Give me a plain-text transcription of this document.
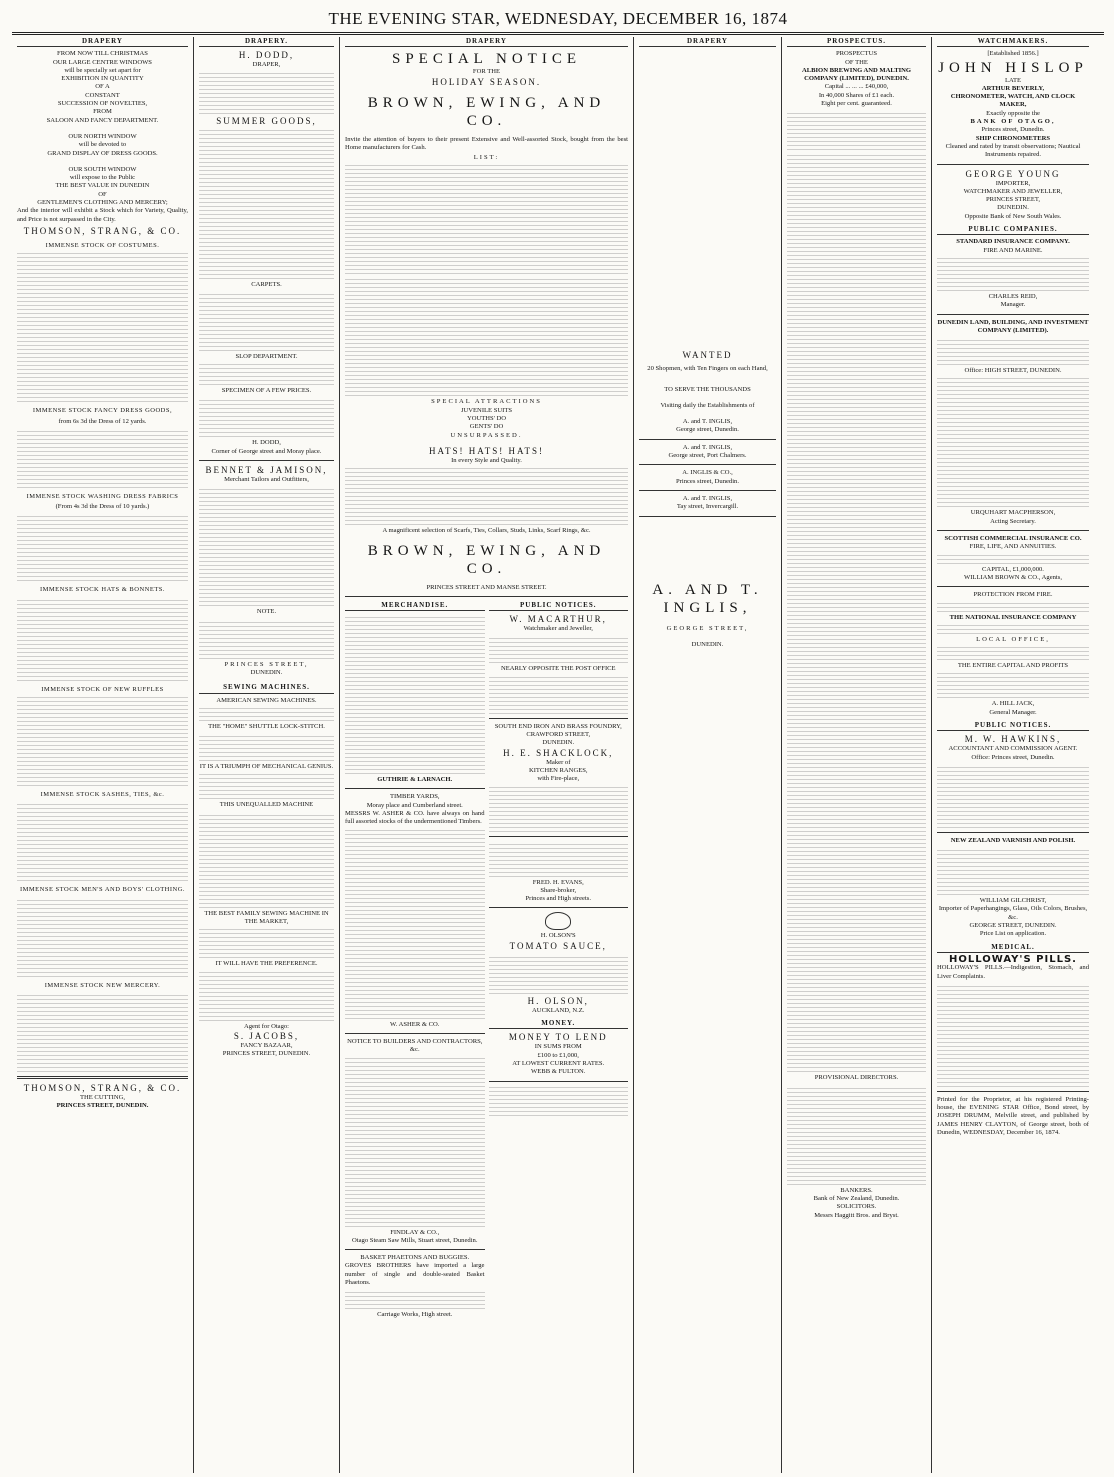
THE EVENING STAR, WEDNESDAY, DECEMBER 16, 1874
DRAPERY
FROM NOW TILL CHRISTMAS
OUR LARGE CENTRE WINDOWS
will be specially set apart for
EXHIBITION IN QUANTITY
OF A
CONSTANT
SUCCESSION OF NOVELTIES,
FROM
SALOON AND FANCY DEPARTMENT.
OUR NORTH WINDOW
will be devoted to
GRAND DISPLAY OF DRESS GOODS.
OUR SOUTH WINDOW
will expose to the Public
THE BEST VALUE IN DUNEDIN
OF
GENTLEMEN'S CLOTHING AND MERCERY;

And the interior will exhibit a Stock which for Variety, Quality, and Price is not surpassed in the City.

THOMSON, STRANG, & CO.
IMMENSE STOCK OF COSTUMES.
IMMENSE STOCK FANCY DRESS GOODS,
from 6s 3d the Dress of 12 yards.
IMMENSE STOCK WASHING DRESS FABRICS
(From 4s 3d the Dress of 10 yards.)
IMMENSE STOCK HATS & BONNETS.
IMMENSE STOCK OF NEW RUFFLES
IMMENSE STOCK SASHES, TIES, &c.
IMMENSE STOCK MEN'S AND BOYS' CLOTHING.
IMMENSE STOCK NEW MERCERY.
THOMSON, STRANG, & CO.
THE CUTTING,
PRINCES STREET, DUNEDIN.
DRAPERY.
H. DODD,
DRAPER,
SUMMER GOODS,
CARPETS.
SLOP DEPARTMENT.
SPECIMEN OF A FEW PRICES.
H. DODD,
Corner of George street and Moray place.
BENNET & JAMISON,
Merchant Tailors and Outfitters,
NOTE.
PRINCES STREET,
DUNEDIN.
SEWING MACHINES.
AMERICAN SEWING MACHINES.
THE "HOME" SHUTTLE LOCK-STITCH.
IT IS A TRIUMPH OF MECHANICAL GENIUS.
THIS UNEQUALLED MACHINE
THE BEST FAMILY SEWING MACHINE IN THE MARKET,
IT WILL HAVE THE PREFERENCE.
Agent for Otago:
S. JACOBS,
FANCY BAZAAR,
PRINCES STREET, DUNEDIN.
DRAPERY
SPECIAL NOTICE
FOR THE
HOLIDAY SEASON.
BROWN, EWING, AND CO.

Invite the attention of buyers to their present Extensive and Well-assorted Stock, bought from the best Home manufacturers for Cash.

LIST:
SPECIAL ATTRACTIONS
JUVENILE SUITS
YOUTHS' DO
GENTS' DO
UNSURPASSED.
HATS! HATS! HATS!
In every Style and Quality.

A magnificent selection of Scarfs, Ties, Collars, Studs, Links, Scarf Rings, &c.

BROWN, EWING, AND CO.
PRINCES STREET AND MANSE STREET.
MERCHANDISE.
GUTHRIE & LARNACH.
TIMBER YARDS,
Moray place and Cumberland street.

MESSRS W. ASHER & CO. have always on hand full assorted stocks of the undermentioned Timbers.

W. ASHER & CO.
NOTICE TO BUILDERS AND CONTRACTORS, &c.
FINDLAY & CO.,
Otago Steam Saw Mills, Stuart street, Dunedin.
BASKET PHAETONS AND BUGGIES.

GROVES BROTHERS have imported a large number of single and double-seated Basket Phaetons.

Carriage Works, High street.
PUBLIC NOTICES.
W. MACARTHUR,
Watchmaker and Jeweller,
NEARLY OPPOSITE THE POST OFFICE
SOUTH END IRON AND BRASS FOUNDRY,
CRAWFORD STREET,
DUNEDIN.
H. E. SHACKLOCK,
Maker of
KITCHEN RANGES,
with Fire-place,
FRED. H. EVANS,
Share-broker,
Princes and High streets.
H. OLSON'S
TOMATO SAUCE,
H. OLSON,
AUCKLAND, N.Z.
MONEY.
MONEY TO LEND
IN SUMS FROM
£100 to £1,000,
AT LOWEST CURRENT RATES.
WEBB & FULTON.
DRAPERY
WANTED
20 Shopmen, with Ten Fingers on each Hand,
TO SERVE THE THOUSANDS
Visiting daily the Establishments of
A. and T. INGLIS,
George street, Dunedin.
A. and T. INGLIS,
George street, Port Chalmers.
A. INGLIS & CO.,
Princes street, Dunedin.
A. and T. INGLIS,
Tay street, Invercargill.
A. AND T. INGLIS,
GEORGE STREET,
DUNEDIN.
PROSPECTUS.
PROSPECTUS
OF THE
ALBION BREWING AND MALTING COMPANY (LIMITED), DUNEDIN.
Capital ... ... ... £40,000,
In 40,000 Shares of £1 each.
Eight per cent. guaranteed.
PROVISIONAL DIRECTORS.
BANKERS.
Bank of New Zealand, Dunedin.
SOLICITORS.
Messrs Haggitt Bros. and Bryst.
WATCHMAKERS.
[Established 1856.]
JOHN HISLOP
LATE
ARTHUR BEVERLY,
CHRONOMETER, WATCH, AND CLOCK MAKER,
Exactly opposite the
BANK OF OTAGO,
Princes street, Dunedin.
SHIP CHRONOMETERS
Cleaned and rated by transit observations; Nautical Instruments repaired.
GEORGE YOUNG
IMPORTER,
WATCHMAKER AND JEWELLER,
PRINCES STREET,
DUNEDIN.
Opposite Bank of New South Wales.
PUBLIC COMPANIES.
STANDARD INSURANCE COMPANY.
FIRE AND MARINE.
CHARLES REID,
Manager.
DUNEDIN LAND, BUILDING, AND INVESTMENT COMPANY (LIMITED).
Office: HIGH STREET, DUNEDIN.
URQUHART MACPHERSON,
Acting Secretary.
SCOTTISH COMMERCIAL INSURANCE CO.
FIRE, LIFE, AND ANNUITIES.
CAPITAL, £1,000,000.
WILLIAM BROWN & CO., Agents,
PROTECTION FROM FIRE.
THE NATIONAL INSURANCE COMPANY
LOCAL OFFICE,
THE ENTIRE CAPITAL AND PROFITS
A. HILL JACK,
General Manager.
PUBLIC NOTICES.
M. W. HAWKINS,
ACCOUNTANT AND COMMISSION AGENT.
Office: Princes street, Dunedin.
NEW ZEALAND VARNISH AND POLISH.
WILLIAM GILCHRIST,
Importer of Paperhangings, Glass, Oils Colors, Brushes, &c.
GEORGE STREET, DUNEDIN.
Price List on application.
MEDICAL.
HOLLOWAY'S PILLS.

HOLLOWAY'S PILLS.—Indigestion, Stomach, and Liver Complaints.

Printed for the Proprietor, at his registered Printing-house, the EVENING STAR Office, Bond street, by JOSEPH DRUMM, Melville street, and published by JAMES HENRY CLAYTON, of George street, both of Dunedin, WEDNESDAY, December 16, 1874.
